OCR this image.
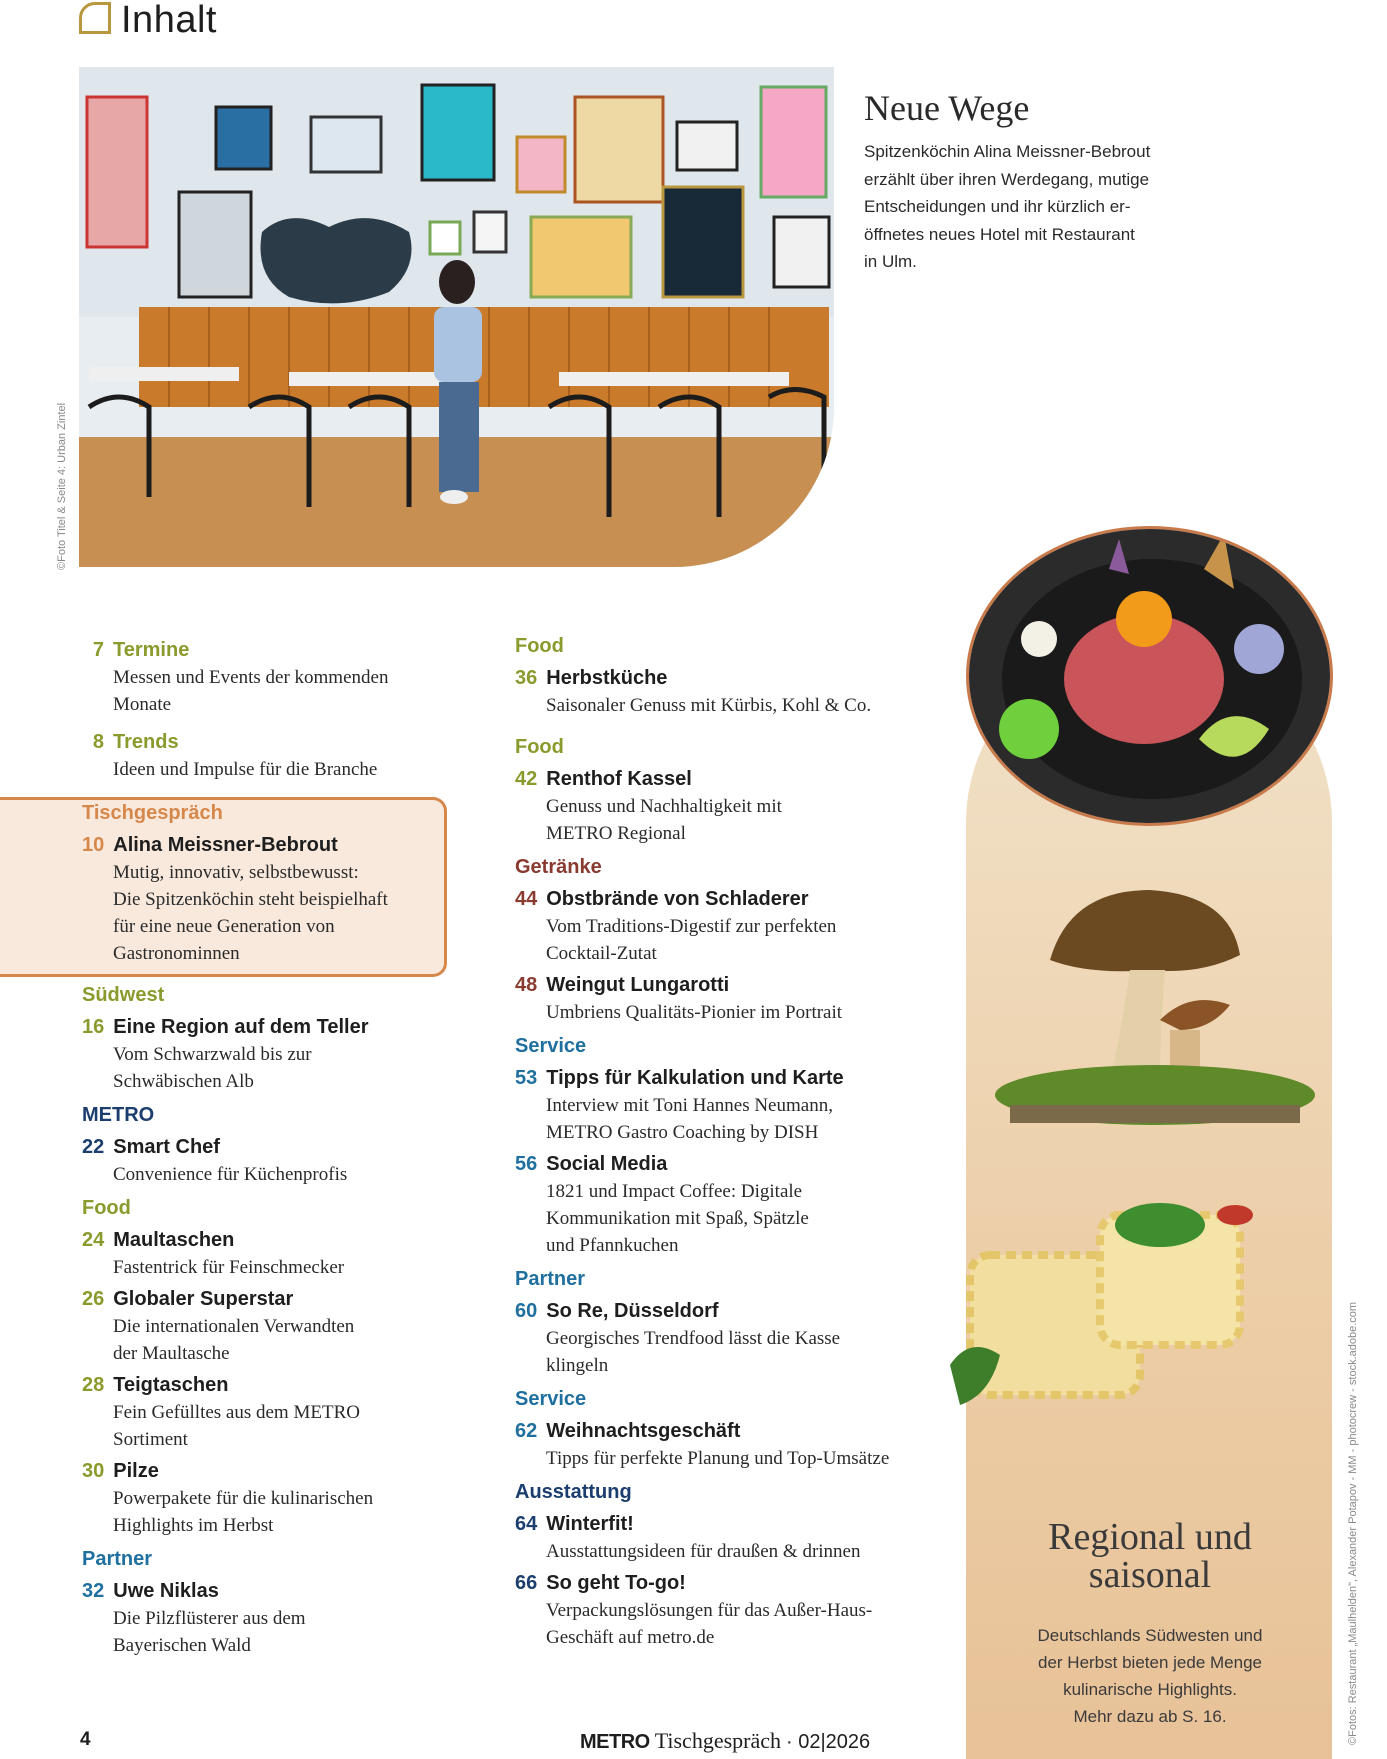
Inhalt
©Foto Titel & Seite 4: Urban Zintel
Neue Wege
Spitzenköchin Alina Meissner-Bebrout
erzählt über ihren Werdegang, mutige
Entscheidungen und ihr kürzlich er-
öffnetes neues Hotel mit Restaurant
in Ulm.
Regional und
saisonal
Deutschlands Südwesten und
der Herbst bieten jede Menge
kulinarische Highlights.
Mehr dazu ab S. 16.	©Fotos: Restaurant „Maulhelden", Alexander Potapov - MM - photocrew - stock.adobe.com
7 Termine
Messen und Events der kommenden
Monate
8 Trends
Ideen und Impulse für die Branche
Tischgespräch
10 Alina Meissner-Bebrout
Mutig, innovativ, selbstbewusst:
Die Spitzenköchin steht beispielhaft
für eine neue Generation von
Gastronominnen
Südwest
16 Eine Region auf dem Teller
Vom Schwarzwald bis zur
Schwäbischen Alb
METRO
22 Smart Chef
Convenience für Küchenprofis
Food
24 Maultaschen
Fastentrick für Feinschmecker
26 Globaler Superstar
Die internationalen Verwandten
der Maultasche
28 Teigtaschen
Fein Gefülltes aus dem METRO
Sortiment
30 Pilze
Powerpakete für die kulinarischen
Highlights im Herbst
Partner
32 Uwe Niklas
Die Pilzflüsterer aus dem
Bayerischen Wald
Food
36 Herbstküche
Saisonaler Genuss mit Kürbis, Kohl & Co.
Food
42 Renthof Kassel
Genuss und Nachhaltigkeit mit
METRO Regional
Getränke
44 Obstbrände von Schladerer
Vom Traditions-Digestif zur perfekten
Cocktail-Zutat
48 Weingut Lungarotti
Umbriens Qualitäts-Pionier im Portrait
Service
53 Tipps für Kalkulation und Karte
Interview mit Toni Hannes Neumann,
METRO Gastro Coaching by DISH
56 Social Media
1821 und Impact Coffee: Digitale
Kommunikation mit Spaß, Spätzle
und Pfannkuchen
Partner
60 So Re, Düsseldorf
Georgisches Trendfood lässt die Kasse
klingeln
Service
62 Weihnachtsgeschäft
Tipps für perfekte Planung und Top-Umsätze
Ausstattung
64 Winterfit!
Ausstattungsideen für draußen & drinnen
66 So geht To-go!
Verpackungslösungen für das Außer-Haus-
Geschäft auf metro.de
4	METRO Tischgespräch · 02|2026
